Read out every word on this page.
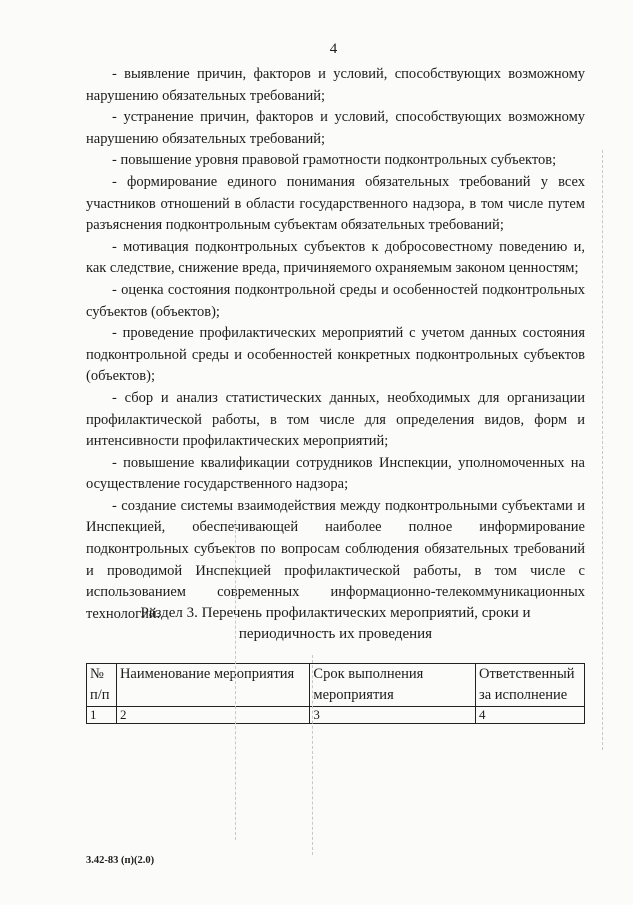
4

- выявление причин, факторов и условий, способствующих возможному нарушению обязательных требований;

- устранение причин, факторов и условий, способствующих возможному нарушению обязательных требований;

- повышение уровня правовой грамотности подконтрольных субъектов;

- формирование единого понимания обязательных требований у всех участников отношений в области государственного надзора, в том числе путем разъяснения подконтрольным субъектам обязательных требований;

- мотивация подконтрольных субъектов к добросовестному поведению и, как следствие, снижение вреда, причиняемого охраняемым законом ценностям;

- оценка состояния подконтрольной среды и особенностей подконтрольных субъектов (объектов);

- проведение профилактических мероприятий с учетом данных состояния подконтрольной среды и особенностей конкретных подконтрольных субъектов (объектов);

- сбор и анализ статистических данных, необходимых для организации профилактической работы, в том числе для определения видов, форм и интенсивности профилактических мероприятий;

- повышение квалификации сотрудников Инспекции, уполномоченных на осуществление государственного надзора;

- создание системы взаимодействия между подконтрольными субъектами и Инспекцией, обеспечивающей наиболее полное информирование подконтрольных субъектов по вопросам соблюдения обязательных требований и проводимой Инспекцией профилактической работы, в том числе с использованием современных информационно-телекоммуникационных технологий.

Раздел 3. Перечень профилактических мероприятий, сроки и
периодичность их проведения
№ п/п	Наименование мероприятия	Срок выполнения мероприятия	Ответственный за исполнение
1	2	3	4
3.42-83 (п)(2.0)
